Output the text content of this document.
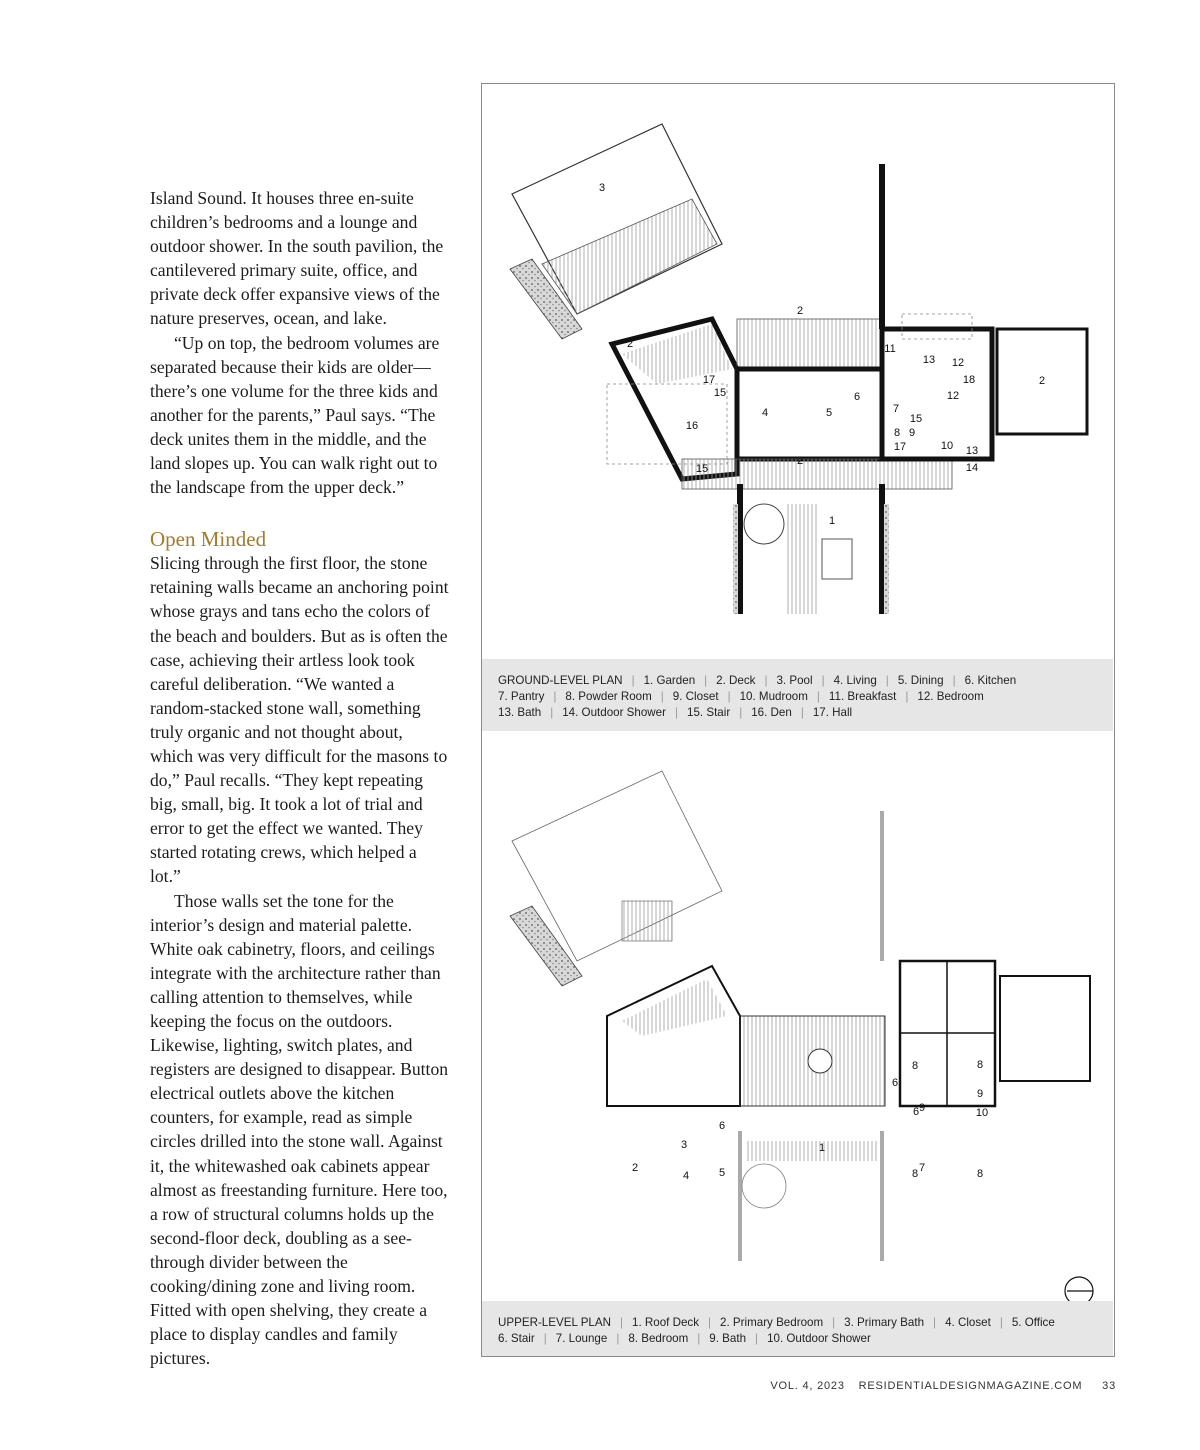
Island Sound. It houses three en-suite children’s bedrooms and a lounge and outdoor shower. In the south pavilion, the cantilevered primary suite, office, and private deck offer expansive views of the nature preserves, ocean, and lake.

“Up on top, the bedroom volumes are separated because their kids are older—there’s one volume for the three kids and another for the parents,” Paul says. “The deck unites them in the middle, and the land slopes up. You can walk right out to the landscape from the upper deck.”

Open Minded

Slicing through the first floor, the stone retaining walls became an anchoring point whose grays and tans echo the colors of the beach and boulders. But as is often the case, achieving their artless look took careful deliberation. “We wanted a random-stacked stone wall, something truly organic and not thought about, which was very difficult for the masons to do,” Paul recalls. “They kept repeating big, small, big. It took a lot of trial and error to get the effect we wanted. They started rotating crews, which helped a lot.”

Those walls set the tone for the interior’s design and material palette. White oak cabinetry, floors, and ceilings integrate with the architecture rather than calling attention to themselves, while keeping the focus on the outdoors. Likewise, lighting, switch plates, and registers are designed to disappear. Button electrical outlets above the kitchen counters, for example, read as simple circles drilled into the stone wall. Against it, the whitewashed oak cabinets appear almost as freestanding furniture. Here too, a row of structural columns holds up the second-floor deck, doubling as a see-through divider between the cooking/dining zone and living room. Fitted with open shelving, they create a place to display candles and family pictures.

1
2
2
2
2
3
4	5
6
7
8 9
10
11
12
12
13
13
14
15
15
15
16
17
17
18
GROUND-LEVEL PLAN | 1. Garden | 2. Deck | 3. Pool | 4. Living | 5. Dining | 6. Kitchen
7. Pantry | 8. Powder Room | 9. Closet | 10. Mudroom | 11. Breakfast | 12. Bedroom
13. Bath | 14. Outdoor Shower | 15. Stair | 16. Den | 17. Hall
1
2
3
4	5
6
6
6
7
8	8
8	8
9
9
10
UPPER-LEVEL PLAN | 1. Roof Deck | 2. Primary Bedroom | 3. Primary Bath | 4. Closet | 5. Office
6. Stair | 7. Lounge | 8. Bedroom | 9. Bath | 10. Outdoor Shower
VOL. 4, 2023 RESIDENTIALDESIGNMAGAZINE.COM 33
